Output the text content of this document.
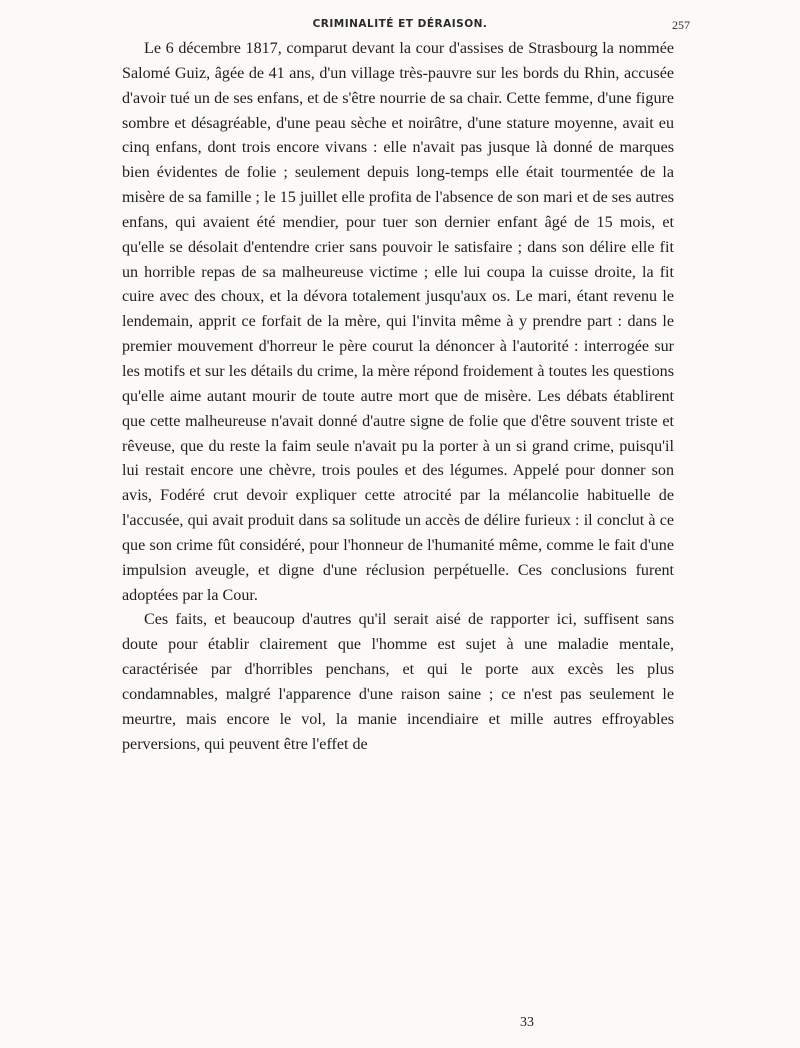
CRIMINALITÉ ET DÉRAISON.	257

Le 6 décembre 1817, comparut devant la cour d'assises de Strasbourg la nommée Salomé Guiz, âgée de 41 ans, d'un village très-pauvre sur les bords du Rhin, accusée d'avoir tué un de ses enfans, et de s'être nourrie de sa chair. Cette femme, d'une figure sombre et désagréable, d'une peau sèche et noirâtre, d'une stature moyenne, avait eu cinq enfans, dont trois encore vivans : elle n'avait pas jusque là donné de marques bien évidentes de folie ; seulement depuis long-temps elle était tourmentée de la misère de sa famille ; le 15 juillet elle profita de l'absence de son mari et de ses autres enfans, qui avaient été mendier, pour tuer son dernier enfant âgé de 15 mois, et qu'elle se désolait d'entendre crier sans pouvoir le satisfaire ; dans son délire elle fit un horrible repas de sa malheureuse victime ; elle lui coupa la cuisse droite, la fit cuire avec des choux, et la dévora totalement jusqu'aux os. Le mari, étant revenu le lendemain, apprit ce forfait de la mère, qui l'invita même à y prendre part : dans le premier mouvement d'horreur le père courut la dénoncer à l'autorité : interrogée sur les motifs et sur les détails du crime, la mère répond froidement à toutes les questions qu'elle aime autant mourir de toute autre mort que de misère. Les débats établirent que cette malheureuse n'avait donné d'autre signe de folie que d'être souvent triste et rêveuse, que du reste la faim seule n'avait pu la porter à un si grand crime, puisqu'il lui restait encore une chèvre, trois poules et des légumes. Appelé pour donner son avis, Fodéré crut devoir expliquer cette atrocité par la mélancolie habituelle de l'accusée, qui avait produit dans sa solitude un accès de délire furieux : il conclut à ce que son crime fût considéré, pour l'honneur de l'humanité même, comme le fait d'une impulsion aveugle, et digne d'une réclusion perpétuelle. Ces conclusions furent adoptées par la Cour.

Ces faits, et beaucoup d'autres qu'il serait aisé de rapporter ici, suffisent sans doute pour établir clairement que l'homme est sujet à une maladie mentale, caractérisée par d'horribles penchans, et qui le porte aux excès les plus condamnables, malgré l'apparence d'une raison saine ; ce n'est pas seulement le meurtre, mais encore le vol, la manie incendiaire et mille autres effroyables perversions, qui peuvent être l'effet de

33
